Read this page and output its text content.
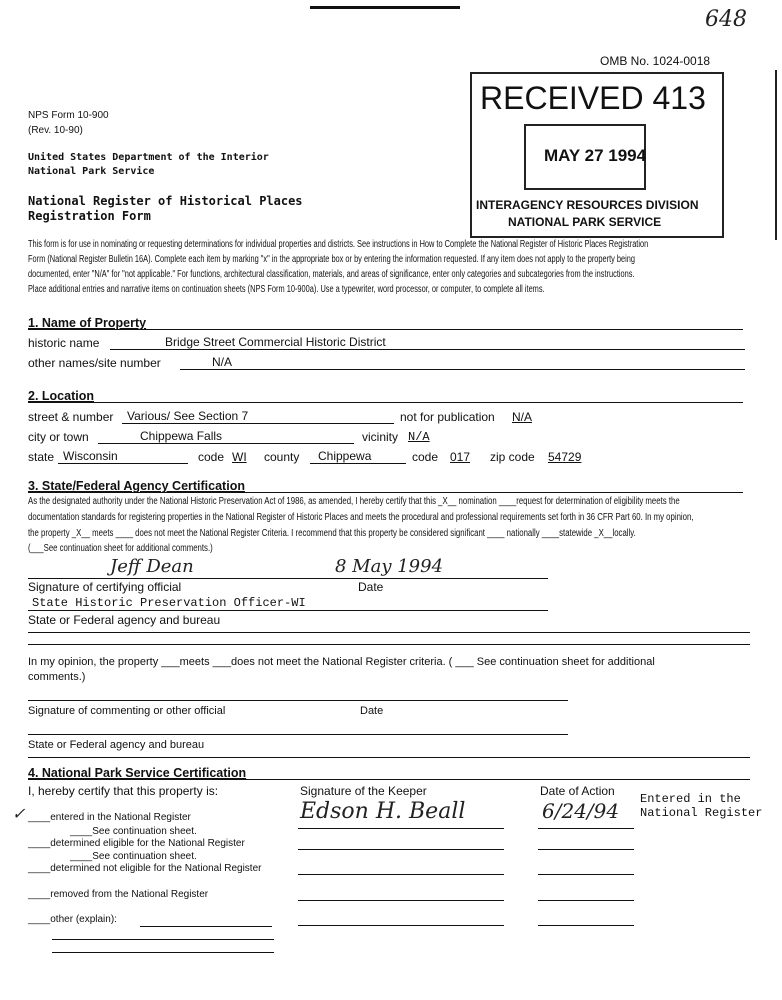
648
RECEIVED 413
MAY 27 1994
INTERAGENCY RESOURCES DIVISION
NATIONAL PARK SERVICE
OMB No. 1024-0018
NPS Form 10-900
(Rev. 10-90)
United States Department of the Interior
National Park Service
National Register of Historical Places
Registration Form
This form is for use in nominating or requesting determinations for individual properties and districts. See instructions in How to Complete the National Register of Historic Places Registration
Form (National Register Bulletin 16A). Complete each item by marking "x" in the appropriate box or by entering the information requested. If any item does not apply to the property being
documented, enter "N/A" for "not applicable." For functions, architectural classification, materials, and areas of significance, enter only categories and subcategories from the instructions.
Place additional entries and narrative items on continuation sheets (NPS Form 10-900a). Use a typewriter, word processor, or computer, to complete all items.
1. Name of Property
historic name	Bridge Street Commercial Historic District
other names/site number	N/A
2. Location
street & number Various/ See Section 7	not for publication N/A
city or town	Chippewa Falls	vicinity N/A
state Wisconsin	code WI county Chippewa	code 017 zip code 54729
3. State/Federal Agency Certification
As the designated authority under the National Historic Preservation Act of 1986, as amended, I hereby certify that this _X__ nomination ____request for determination of eligibility meets the
documentation standards for registering properties in the National Register of Historic Places and meets the procedural and professional requirements set forth in 36 CFR Part 60. In my opinion,
the property _X__ meets ____ does not meet the National Register Criteria. I recommend that this property be considered significant ____ nationally ____statewide _X__locally.
(___See continuation sheet for additional comments.)
Jeff Dean	8 May 1994
Signature of certifying official	Date
State Historic Preservation Officer-WI
State or Federal agency and bureau
In my opinion, the property ___meets ___does not meet the National Register criteria. ( ___ See continuation sheet for additional
comments.)
Signature of commenting or other official	Date
State or Federal agency and bureau
4. National Park Service Certification
I, hereby certify that this property is:	Signature of the Keeper	Date of Action
Edson H. Beall	6/24/94 Entered in the
National Register
✓ ____entered in the National Register
____See continuation sheet.
____determined eligible for the National Register
____See continuation sheet.
____determined not eligible for the National Register
____removed from the National Register
____other (explain):
